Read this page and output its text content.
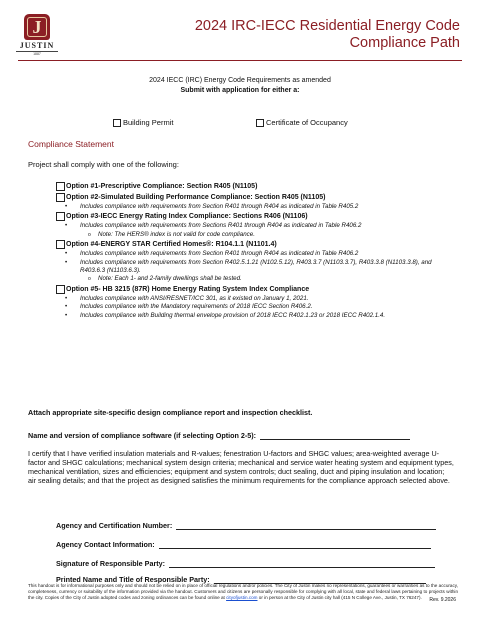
J
JUSTIN
1887
2024 IRC-IECC Residential Energy Code
Compliance Path
2024 IECC (IRC) Energy Code Requirements as amended
Submit with application for either a:
Building Permit	Certificate of Occupancy
Compliance Statement
Project shall comply with one of the following:
Option #1-Prescriptive Compliance: Section R405 (N1105)
Option #2-Simulated Building Performance Compliance: Section R405 (N1105)
• Includes compliance with requirements from Section R401 through R404 as indicated in Table R405.2
Option #3-IECC Energy Rating Index Compliance: Sections R406 (N1106)
• Includes compliance with requirements from Sections R401 through R404 as indicated in Table R406.2
o Note: The HERS® index is not valid for code compliance.
Option #4-ENERGY STAR Certified Homes®: R104.1.1 (N1101.4)
• Includes compliance with requirements from Section R401 through R404 as indicated in Table R406.2
• Includes compliance with requirements from Section R402.5.1.21 (N102.5.12), R403.3.7 (N1103.3.7), R403.3.8 (N1103.3.8), and R403.6.3 (N1103.6.3).
o Note: Each 1- and 2-family dwellings shall be tested.
Option #5- HB 3215 (87R) Home Energy Rating System Index Compliance
• Includes compliance with ANSI/RESNET/ICC 301, as it existed on January 1, 2021.
• Includes compliance with the Mandatory requirements of 2018 IECC Section R406.2.
• Includes compliance with Building thermal envelope provision of 2018 IECC R402.1.23 or 2018 IECC R402.1.4.
Attach appropriate site-specific design compliance report and inspection checklist.
Name and version of compliance software (if selecting Option 2-5):
I certify that I have verified insulation materials and R-values; fenestration U-factors and SHGC values; area-weighted average U-factor and SHGC calculations; mechanical system design criteria; mechanical and service water heating system and equipment types, mechanical ventilation, sizes and efficiencies; equipment and system controls; duct sealing, duct and piping insulation and location; air sealing details; and that the project as designed satisfies the minimum requirements for the compliance approach selected above.
Agency and Certification Number:
Agency Contact Information:
Signature of Responsible Party:
Printed Name and Title of Responsible Party:
This handout is for informational purposes only and should not be relied on in place of official regulations and/or policies. The City of Justin makes no representations, guarantees or warranties as to the accuracy, completeness, currency or suitability of the information provided via the handout. Customers and citizens are personally responsible for complying with all local, state and federal laws pertaining to projects within the city. Copies of the City of Justin adopted codes and zoning ordinances can be found online at cityofjustin.com or in person at the City of Justin city hall (415 N College Ave., Justin, TX 76247).	Rev. 9.2026
